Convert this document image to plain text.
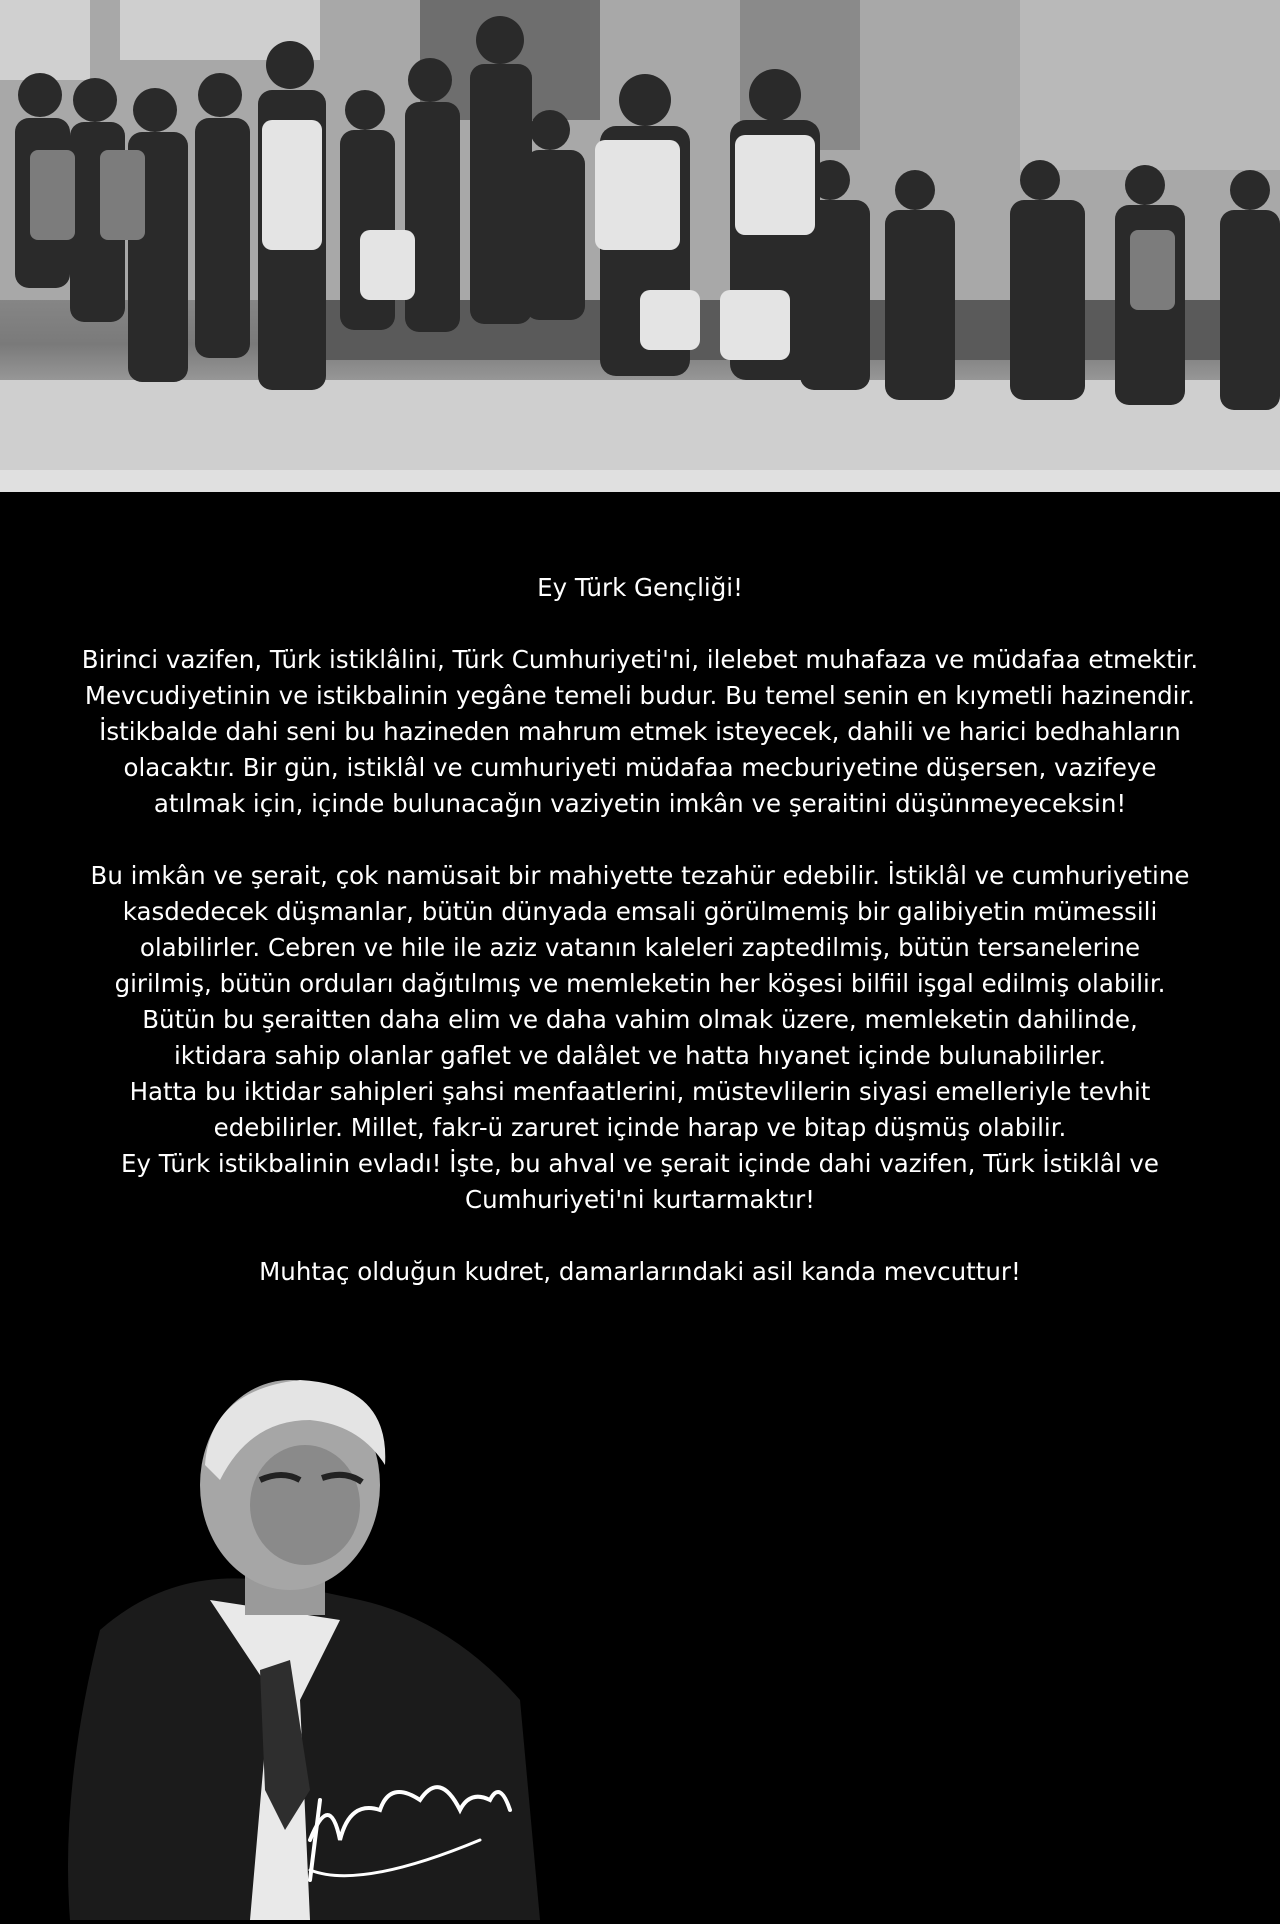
Ey Türk Gençliği!

Birinci vazifen, Türk istiklâlini, Türk Cumhuriyeti'ni, ilelebet muhafaza ve müdafaa etmektir.
Mevcudiyetinin ve istikbalinin yegâne temeli budur. Bu temel senin en kıymetli hazinendir.
İstikbalde dahi seni bu hazineden mahrum etmek isteyecek, dahili ve harici bedhahların
olacaktır. Bir gün, istiklâl ve cumhuriyeti müdafaa mecburiyetine düşersen, vazifeye
atılmak için, içinde bulunacağın vaziyetin imkân ve şeraitini düşünmeyeceksin!

Bu imkân ve şerait, çok namüsait bir mahiyette tezahür edebilir. İstiklâl ve cumhuriyetine
kasdedecek düşmanlar, bütün dünyada emsali görülmemiş bir galibiyetin mümessili
olabilirler. Cebren ve hile ile aziz vatanın kaleleri zaptedilmiş, bütün tersanelerine
girilmiş, bütün orduları dağıtılmış ve memleketin her köşesi bilfiil işgal edilmiş olabilir.
Bütün bu şeraitten daha elim ve daha vahim olmak üzere, memleketin dahilinde,
iktidara sahip olanlar gaflet ve dalâlet ve hatta hıyanet içinde bulunabilirler.
Hatta bu iktidar sahipleri şahsi menfaatlerini, müstevlilerin siyasi emelleriyle tevhit
edebilirler. Millet, fakr-ü zaruret içinde harap ve bitap düşmüş olabilir.
Ey Türk istikbalinin evladı! İşte, bu ahval ve şerait içinde dahi vazifen, Türk İstiklâl ve
Cumhuriyeti'ni kurtarmaktır!

Muhtaç olduğun kudret, damarlarındaki asil kanda mevcuttur!
